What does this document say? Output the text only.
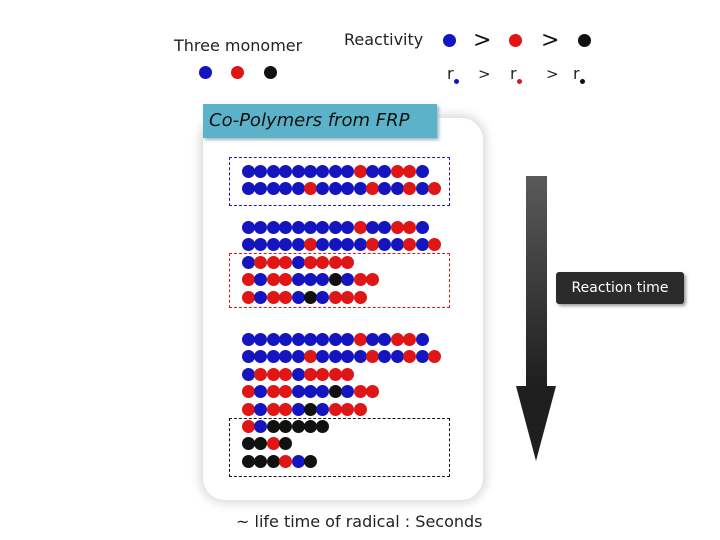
Three monomer	Reactivity > >
r > r > r
Co-Polymers from FRP
Reaction time
~ life time of radical : Seconds
